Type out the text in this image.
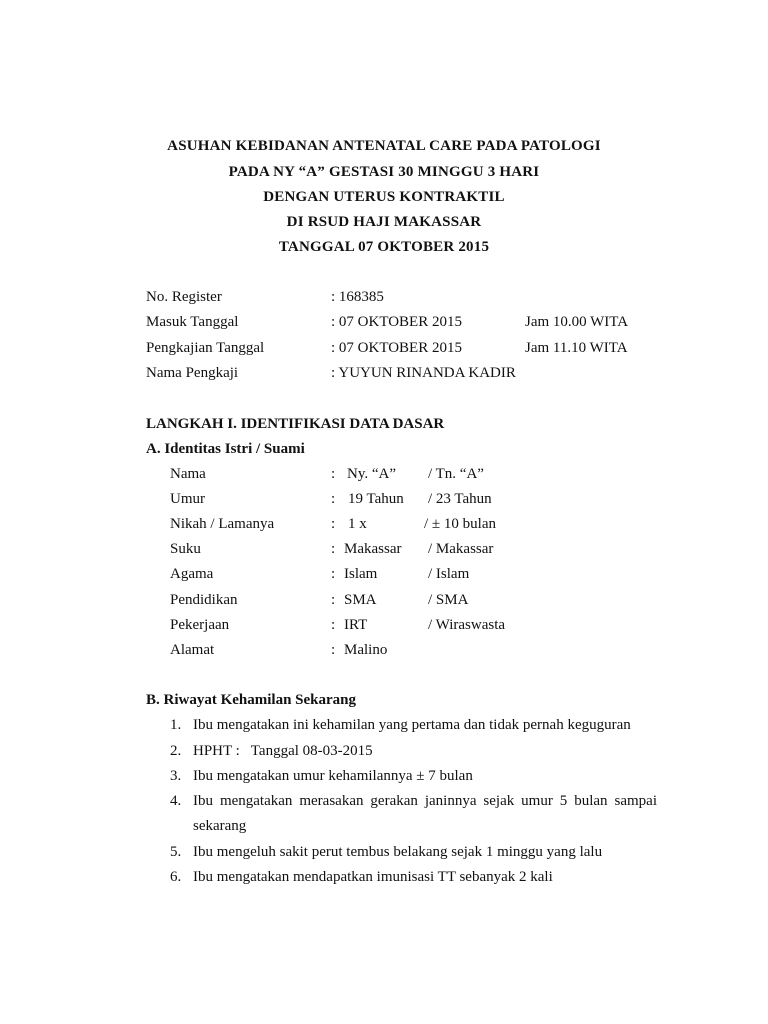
ASUHAN KEBIDANAN ANTENATAL CARE PADA PATOLOGI
PADA NY “A” GESTASI 30 MINGGU 3 HARI
DENGAN UTERUS KONTRAKTIL
DI RSUD HAJI MAKASSAR
TANGGAL 07 OKTOBER 2015
No. Register	: 168385
Masuk Tanggal	: 07 OKTOBER 2015	Jam 10.00 WITA
Pengkajian Tanggal	: 07 OKTOBER 2015	Jam 11.10 WITA
Nama Pengkaji	: YUYUN RINANDA KADIR
LANGKAH I. IDENTIFIKASI DATA DASAR
A. Identitas Istri / Suami
Nama	: Ny. “A” / Tn. “A”
Umur	: 19 Tahun / 23 Tahun
Nikah / Lamanya	: 1 x	/ ± 10 bulan
Suku	: Makassar / Makassar
Agama	: Islam	/ Islam
Pendidikan	: SMA	/ SMA
Pekerjaan	: IRT	/ Wiraswasta
Alamat	: Malino
B. Riwayat Kehamilan Sekarang
1. Ibu mengatakan ini kehamilan yang pertama dan tidak pernah keguguran
2. HPHT :   Tanggal 08-03-2015
3. Ibu mengatakan umur kehamilannya ± 7 bulan
4. Ibu mengatakan merasakan gerakan janinnya sejak umur 5 bulan sampai
sekarang
5. Ibu mengeluh sakit perut tembus belakang sejak 1 minggu yang lalu
6. Ibu mengatakan mendapatkan imunisasi TT sebanyak 2 kali
